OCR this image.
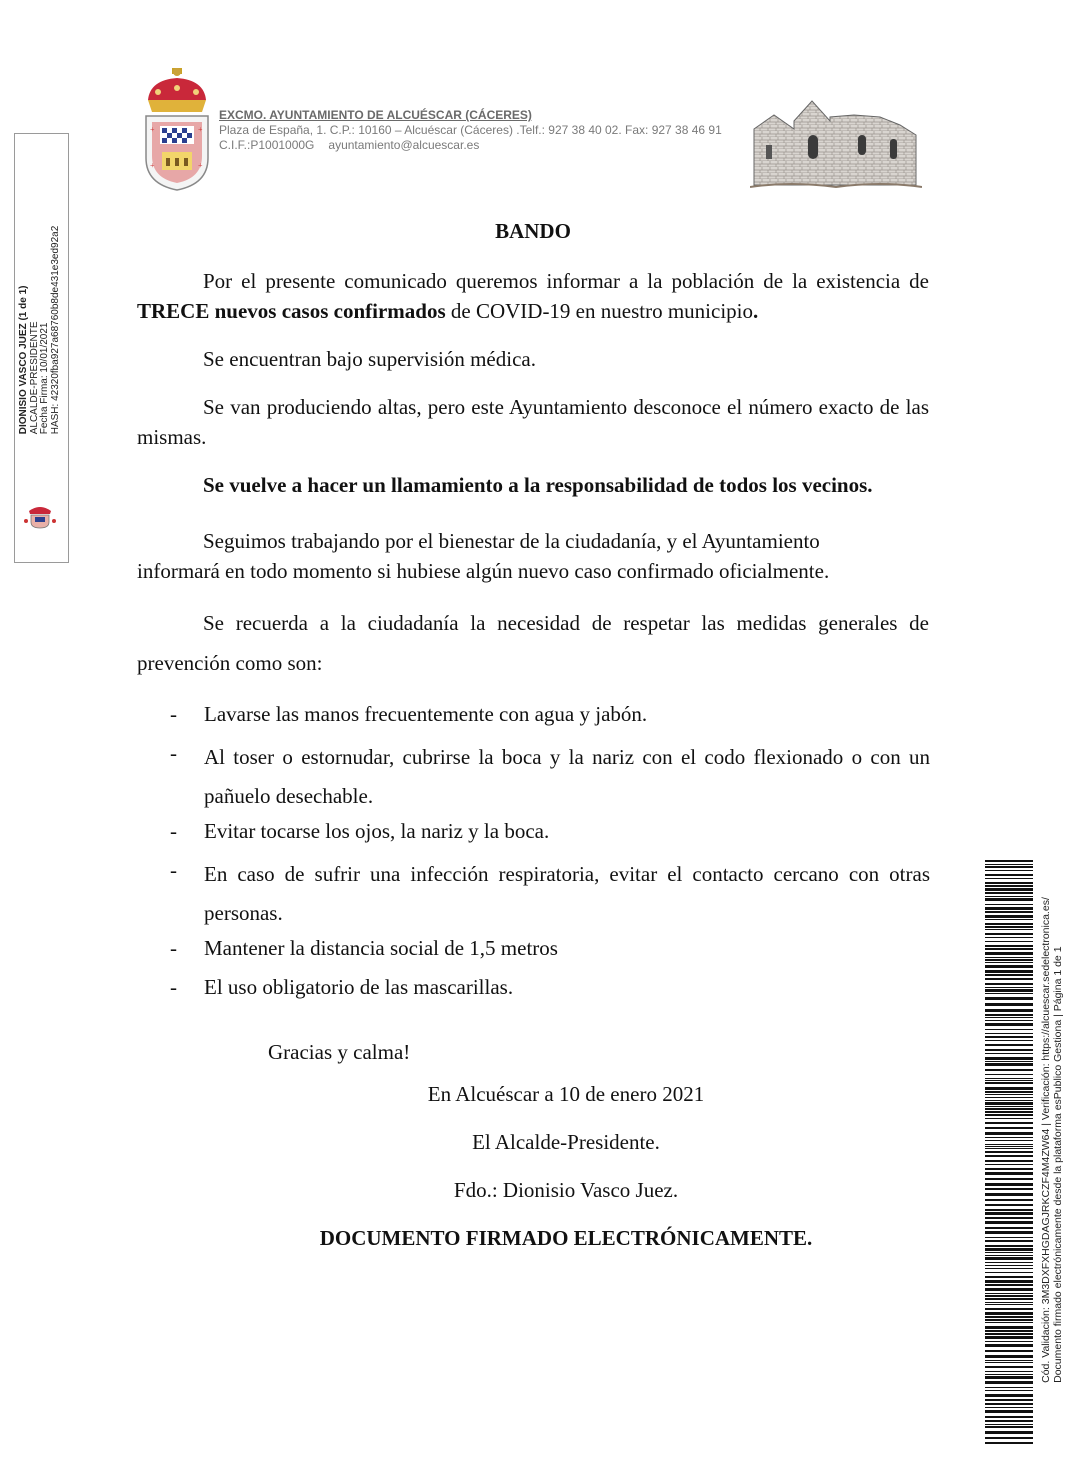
+	+
+	+
EXCMO. AYUNTAMIENTO DE ALCUÉSCAR (CÁCERES)
Plaza de España, 1. C.P.: 10160 – Alcuéscar (Cáceres) .Telf.: 927 38 40 02. Fax: 927 38 46 91
C.I.F.:P1001000G ayuntamiento@alcuescar.es
DIONISIO VASCO JUEZ (1 de 1) ALCALDE-PRESIDENTE Fecha Firma: 10/01/2021 HASH: 42320fba927a68760b8de431e3ed92a2	BANDO
Por el presente comunicado queremos informar a la población de la existencia de TRECE nuevos casos confirmados de COVID-19 en nuestro municipio.
Se encuentran bajo supervisión médica.
Se van produciendo altas, pero este Ayuntamiento desconoce el número exacto de las mismas.
Se vuelve a hacer un llamamiento a la responsabilidad de todos los vecinos.
Seguimos trabajando por el bienestar de la ciudadanía, y el Ayuntamiento
informará en todo momento si hubiese algún nuevo caso confirmado oficialmente.
Se recuerda a la ciudadanía la necesidad de respetar las medidas generales de prevención como son:
- Lavarse las manos frecuentemente con agua y jabón.
- Al toser o estornudar, cubrirse la boca y la nariz con el codo flexionado o con un pañuelo desechable.
- Evitar tocarse los ojos, la nariz y la boca.
- En caso de sufrir una infección respiratoria, evitar el contacto cercano con otras personas.
- Mantener la distancia social de 1,5 metros
- El uso obligatorio de las mascarillas.
Gracias y calma!
En Alcuéscar a 10 de enero 2021
El Alcalde-Presidente.
Fdo.: Dionisio Vasco Juez.
DOCUMENTO FIRMADO ELECTRÓNICAMENTE.	Cód. Validación: 3M3DXFXHGDAGJRKCZF4M4ZW64 | Verificación: https://alcuescar.sedelectronica.es/ Documento firmado electrónicamente desde la plataforma esPublico Gestiona | Página 1 de 1
